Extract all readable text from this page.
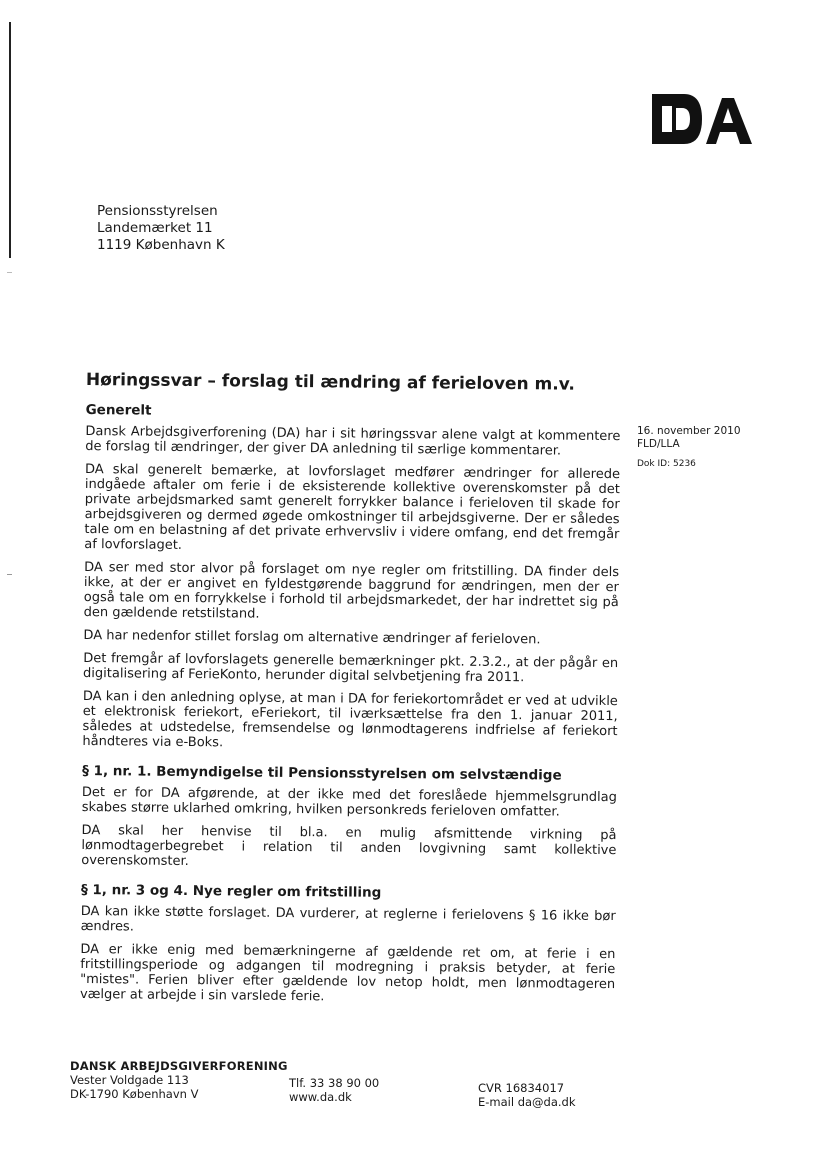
Pensionsstyrelsen
Landemærket 11
1119 København K
16. november 2010
FLD/LLA
Dok ID: 5236
Høringssvar – forslag til ændring af ferieloven m.v.
Generelt

Dansk Arbejdsgiverforening (DA) har i sit høringssvar alene valgt at kommentere de forslag til ændringer, der giver DA anledning til særlige kommentarer.

DA skal generelt bemærke, at lovforslaget medfører ændringer for allerede indgåede aftaler om ferie i de eksisterende kollektive overenskomster på det private arbejdsmarked samt generelt forrykker balance i ferieloven til skade for arbejdsgiveren og dermed øgede omkostninger til arbejdsgiverne. Der er således tale om en belastning af det private erhvervsliv i videre omfang, end det fremgår af lovforslaget.

DA ser med stor alvor på forslaget om nye regler om fritstilling. DA finder dels ikke, at der er angivet en fyldestgørende baggrund for ændringen, men der er også tale om en forrykkelse i forhold til arbejdsmarkedet, der har indrettet sig på den gældende retstilstand.

DA har nedenfor stillet forslag om alternative ændringer af ferieloven.

Det fremgår af lovforslagets generelle bemærkninger pkt. 2.3.2., at der pågår en digitalisering af FerieKonto, herunder digital selvbetjening fra 2011.

DA kan i den anledning oplyse, at man i DA for feriekortområdet er ved at udvikle et elektronisk feriekort, eFeriekort, til iværksættelse fra den 1. januar 2011, således at udstedelse, fremsendelse og lønmodtagerens indfrielse af feriekort håndteres via e-Boks.

§ 1, nr. 1. Bemyndigelse til Pensionsstyrelsen om selvstændige

Det er for DA afgørende, at der ikke med det foreslåede hjemmelsgrundlag skabes større uklarhed omkring, hvilken personkreds ferieloven omfatter.

DA skal her henvise til bl.a. en mulig afsmittende virkning på lønmodtagerbegrebet i relation til anden lovgivning samt kollektive overenskomster.

§ 1, nr. 3 og 4. Nye regler om fritstilling

DA kan ikke støtte forslaget. DA vurderer, at reglerne i ferielovens § 16 ikke bør ændres.

DA er ikke enig med bemærkningerne af gældende ret om, at ferie i en fritstillingsperiode og adgangen til modregning i praksis betyder, at ferie "mistes". Ferien bliver efter gældende lov netop holdt, men lønmodtageren vælger at arbejde i sin varslede ferie.

DANSK ARBEJDSGIVERFORENING
Vester Voldgade 113
DK-1790 København V
Tlf. 33 38 90 00
www.da.dk
CVR 16834017
E-mail da@da.dk
